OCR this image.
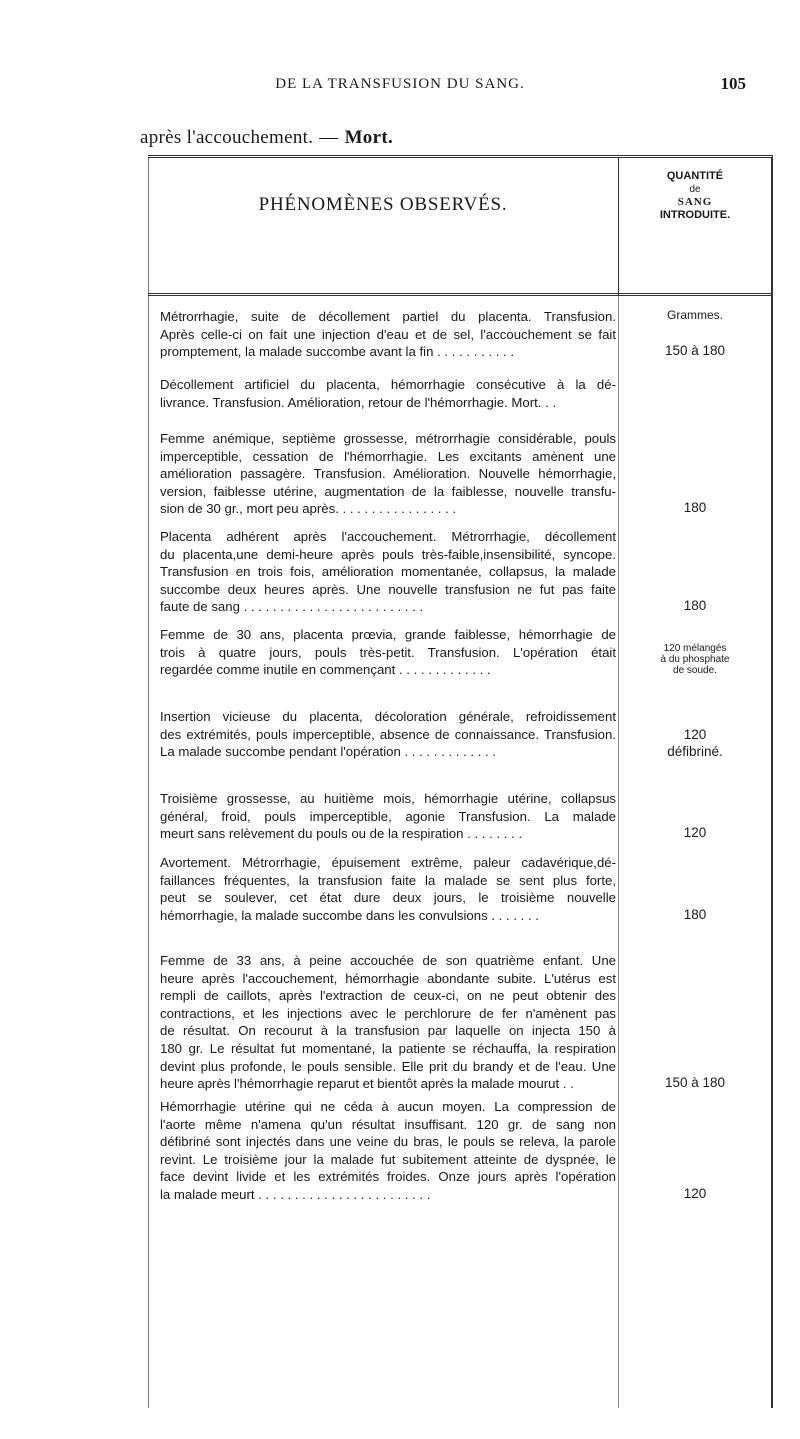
DE LA TRANSFUSION DU SANG.	105
après l'accouchement. — Mort.
PHÉNOMÈNES OBSERVÉS.
QUANTITÉ
de
SANG
INTRODUITE.
Grammes.
Métrorrhagie, suite de décollement partiel du placenta. Transfusion.
Après celle-ci on fait une injection d'eau et de sel, l'accouchement se fait
promptement, la malade succombe avant la fin . . . . . . . . . . .
Décollement artificiel du placenta, hémorrhagie consécutive à la dé-
livrance. Transfusion. Amélioration, retour de l'hémorrhagie. Mort. . .
Femme anémique, septième grossesse, métrorrhagie considérable, pouls
imperceptible, cessation de l'hémorrhagie. Les excitants amènent une
amélioration passagère. Transfusion. Amélioration. Nouvelle hémorrhagie,
version, faiblesse utérine, augmentation de la faiblesse, nouvelle transfu-
sion de 30 gr., mort peu après. . . . . . . . . . . . . . . . .
Placenta adhérent après l'accouchement. Métrorrhagie, décollement
du placenta,une demi-heure après pouls très-faible,insensibilité, syncope.
Transfusion en trois fois, amélioration momentanée, collapsus, la malade
succombe deux heures après. Une nouvelle transfusion ne fut pas faite
faute de sang . . . . . . . . . . . . . . . . . . . . . . . . .
Femme de 30 ans, placenta prœvia, grande faiblesse, hémorrhagie de
trois à quatre jours, pouls très-petit. Transfusion. L'opération était
regardée comme inutile en commençant . . . . . . . . . . . . .
Insertion vicieuse du placenta, décoloration générale, refroidissement
des extrémités, pouls imperceptible, absence de connaissance. Transfusion.
La malade succombe pendant l'opération . . . . . . . . . . . . .
Troisième grossesse, au huitième mois, hémorrhagie utérine, collapsus
général, froid, pouls imperceptible, agonie Transfusion. La malade
meurt sans relèvement du pouls ou de la respiration . . . . . . . .
Avortement. Métrorrhagie, épuisement extrême, paleur cadavérique,dé-
faillances fréquentes, la transfusion faite la malade se sent plus forte,
peut se soulever, cet état dure deux jours, le troisième nouvelle
hémorrhagie, la malade succombe dans les convulsions . . . . . . .
Femme de 33 ans, à peine accouchée de son quatrième enfant. Une
heure après l'accouchement, hémorrhagie abondante subite. L'utérus est
rempli de caillots, après l'extraction de ceux-ci, on ne peut obtenir des
contractions, et les injections avec le perchlorure de fer n'amènent pas
de résultat. On recourut à la transfusion par laquelle on injecta 150 à
180 gr. Le résultat fut momentané, la patiente se réchauffa, la respiration
devint plus profonde, le pouls sensible. Elle prit du brandy et de l'eau. Une
heure après l'hémorrhagie reparut et bientôt après la malade mourut . .
Hémorrhagie utérine qui ne céda à aucun moyen. La compression de
l'aorte même n'amena qu'un résultat insuffisant. 120 gr. de sang non
défibriné sont injectés dans une veine du bras, le pouls se releva, la parole
revint. Le troisième jour la malade fut subitement atteinte de dyspnée, le
face devint livide et les extrémités froides. Onze jours après l'opération
la malade meurt . . . . . . . . . . . . . . . . . . . . . . . .
150 à 180
180
180
120 mélangés
à du phosphate
de soude.
120
défibriné.
120
180
150 à 180
120
